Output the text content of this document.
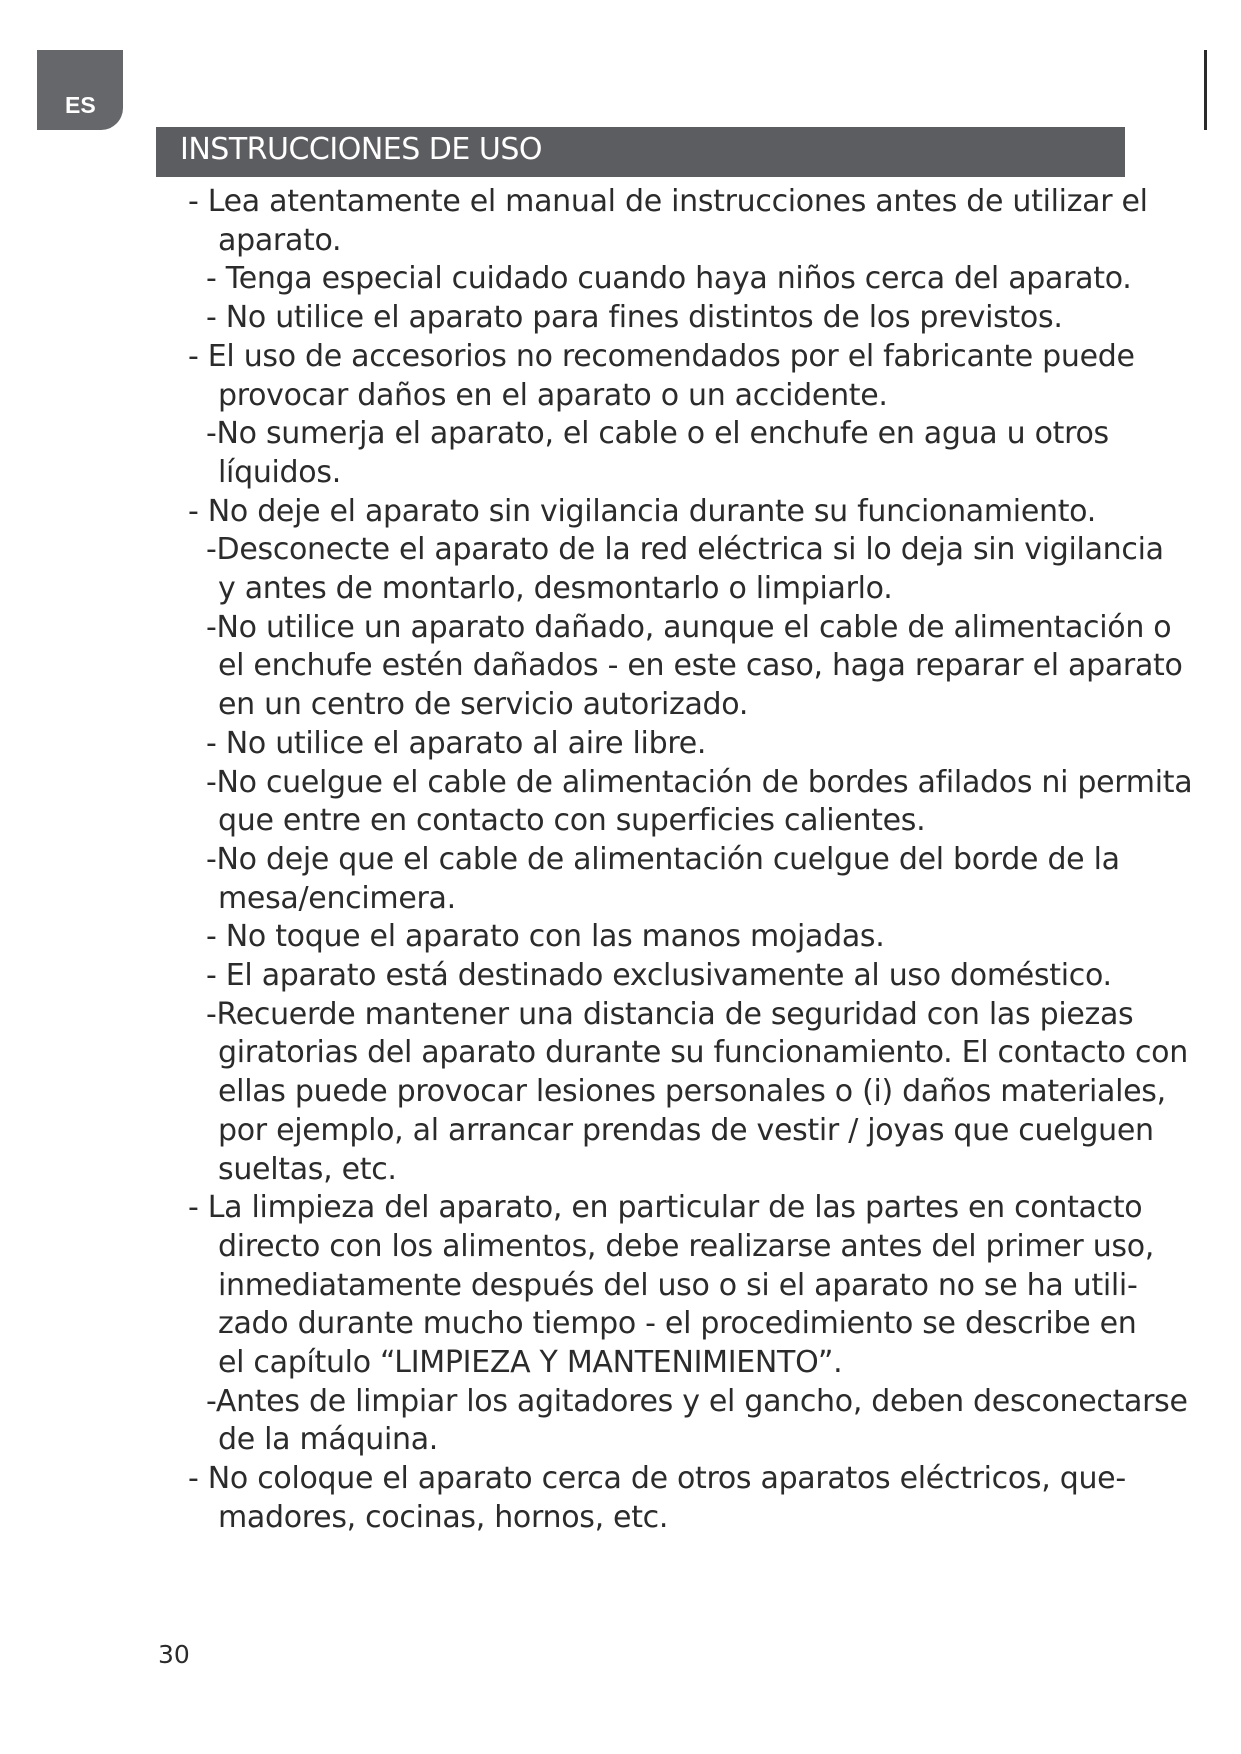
ES
INSTRUCCIONES DE USO
- Lea atentamente el manual de instrucciones antes de utilizar el
aparato.
- Tenga especial cuidado cuando haya niños cerca del aparato.
- No utilice el aparato para fines distintos de los previstos.
- El uso de accesorios no recomendados por el fabricante puede
provocar daños en el aparato o un accidente.
-No sumerja el aparato, el cable o el enchufe en agua u otros
líquidos.
- No deje el aparato sin vigilancia durante su funcionamiento.
-Desconecte el aparato de la red eléctrica si lo deja sin vigilancia
y antes de montarlo, desmontarlo o limpiarlo.
-No utilice un aparato dañado, aunque el cable de alimentación o
el enchufe estén dañados - en este caso, haga reparar el aparato
en un centro de servicio autorizado.
- No utilice el aparato al aire libre.
-No cuelgue el cable de alimentación de bordes afilados ni permita
que entre en contacto con superficies calientes.
-No deje que el cable de alimentación cuelgue del borde de la
mesa/encimera.
- No toque el aparato con las manos mojadas.
- El aparato está destinado exclusivamente al uso doméstico.
-Recuerde mantener una distancia de seguridad con las piezas
giratorias del aparato durante su funcionamiento. El contacto con
ellas puede provocar lesiones personales o (i) daños materiales,
por ejemplo, al arrancar prendas de vestir / joyas que cuelguen
sueltas, etc.
- La limpieza del aparato, en particular de las partes en contacto
directo con los alimentos, debe realizarse antes del primer uso,
inmediatamente después del uso o si el aparato no se ha utili-
zado durante mucho tiempo - el procedimiento se describe en
el capítulo “LIMPIEZA Y MANTENIMIENTO”.
-Antes de limpiar los agitadores y el gancho, deben desconectarse
de la máquina.
- No coloque el aparato cerca de otros aparatos eléctricos, que-
madores, cocinas, hornos, etc.
30
